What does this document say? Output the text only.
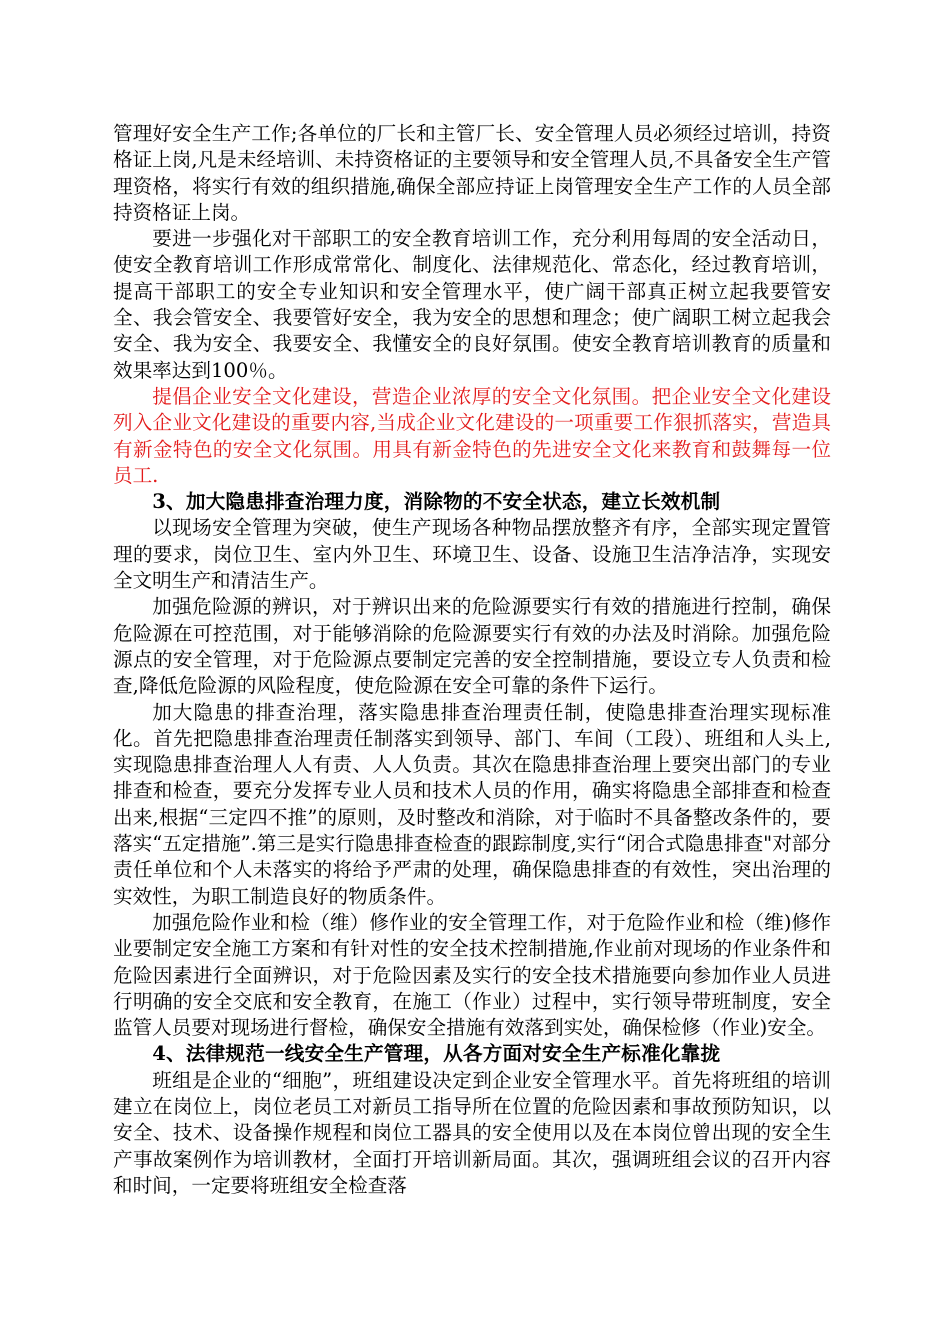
管理好安全生产工作;各单位的厂长和主管厂长、安全管理人员必须经过培训，持资格证上岗,凡是未经培训、未持资格证的主要领导和安全管理人员,不具备安全生产管理资格，将实行有效的组织措施,确保全部应持证上岗管理安全生产工作的人员全部持资格证上岗。

要进一步强化对干部职工的安全教育培训工作，充分利用每周的安全活动日，使安全教育培训工作形成常常化、制度化、法律规范化、常态化，经过教育培训，提高干部职工的安全专业知识和安全管理水平，使广阔干部真正树立起我要管安全、我会管安全、我要管好安全，我为安全的思想和理念；使广阔职工树立起我会安全、我为安全、我要安全、我懂安全的良好氛围。使安全教育培训教育的质量和效果率达到100％。

提倡企业安全文化建设，营造企业浓厚的安全文化氛围。把企业安全文化建设列入企业文化建设的重要内容,当成企业文化建设的一项重要工作狠抓落实，营造具有新金特色的安全文化氛围。用具有新金特色的先进安全文化来教育和鼓舞每一位员工.

3、加大隐患排查治理力度，消除物的不安全状态，建立长效机制

以现场安全管理为突破，使生产现场各种物品摆放整齐有序，全部实现定置管理的要求，岗位卫生、室内外卫生、环境卫生、设备、设施卫生洁净洁净，实现安全文明生产和清洁生产。

加强危险源的辨识，对于辨识出来的危险源要实行有效的措施进行控制，确保危险源在可控范围，对于能够消除的危险源要实行有效的办法及时消除。加强危险源点的安全管理，对于危险源点要制定完善的安全控制措施，要设立专人负责和检查,降低危险源的风险程度，使危险源在安全可靠的条件下运行。

加大隐患的排查治理，落实隐患排查治理责任制，使隐患排查治理实现标准化。首先把隐患排查治理责任制落实到领导、部门、车间（工段）、班组和人头上,实现隐患排查治理人人有责、人人负责。其次在隐患排查治理上要突出部门的专业排查和检查，要充分发挥专业人员和技术人员的作用，确实将隐患全部排查和检查出来,根据“三定四不推”的原则，及时整改和消除，对于临时不具备整改条件的，要落实“五定措施”.第三是实行隐患排查检查的跟踪制度,实行“闭合式隐患排查"对部分责任单位和个人未落实的将给予严肃的处理，确保隐患排查的有效性，突出治理的实效性，为职工制造良好的物质条件。

加强危险作业和检（维）修作业的安全管理工作，对于危险作业和检（维)修作业要制定安全施工方案和有针对性的安全技术控制措施,作业前对现场的作业条件和危险因素进行全面辨识，对于危险因素及实行的安全技术措施要向参加作业人员进行明确的安全交底和安全教育，在施工（作业）过程中，实行领导带班制度，安全监管人员要对现场进行督检，确保安全措施有效落到实处，确保检修（作业)安全。

4、法律规范一线安全生产管理，从各方面对安全生产标准化靠拢

班组是企业的“细胞”，班组建设决定到企业安全管理水平。首先将班组的培训建立在岗位上，岗位老员工对新员工指导所在位置的危险因素和事故预防知识，以安全、技术、设备操作规程和岗位工器具的安全使用以及在本岗位曾出现的安全生产事故案例作为培训教材，全面打开培训新局面。其次，强调班组会议的召开内容和时间，一定要将班组安全检查落
